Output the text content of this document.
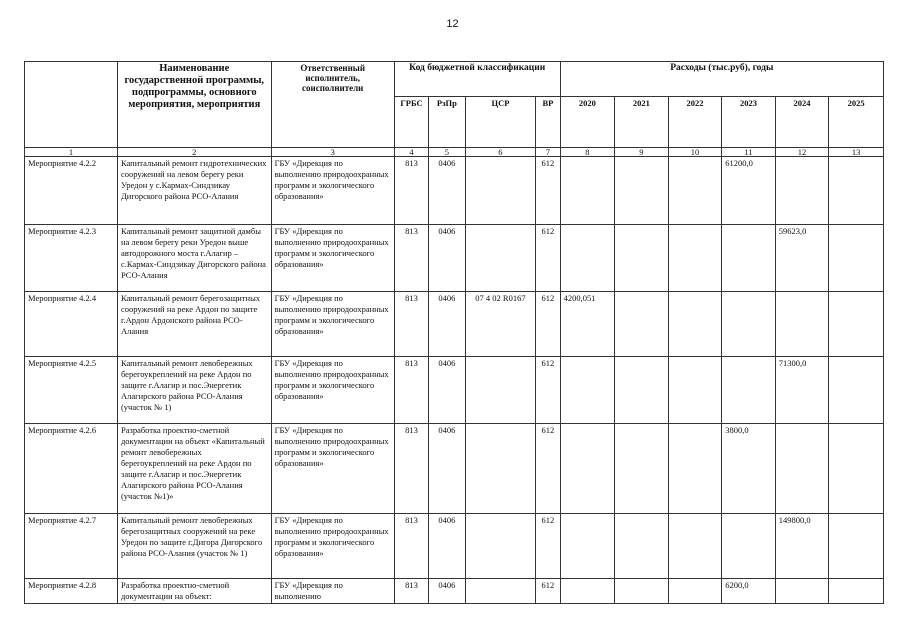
12
	Наименование государственной программы, подпрограммы, основного мероприятия, мероприятия	Ответственный исполнитель, соисполнители	Код бюджетной классификации				Расходы (тыс.руб), годы					
			ГРБС	РзПр	ЦСР	ВР	2020	2021	2022	2023	2024	2025
1	2	3	4	5	6	7	8	9	10	11	12	13
Мероприятие 4.2.2	Капитальный ремонт гидротехнических сооружений на левом берегу реки Уредон у с.Кармах-Синдзикау Дигорского района РСО-Алания	ГБУ «Дирекция по выполнению природоохранных программ и экологического образования»	813	0406		612				61200,0		
Мероприятие 4.2.3	Капитальный ремонт защитной дамбы на левом берегу реки Уредон выше автодорожного моста г.Алагир –с.Кармах-Синдзикау Дигорского района РСО-Алания	ГБУ «Дирекция по выполнению природоохранных программ и экологического образования»	813	0406		612					59623,0	
Мероприятие 4.2.4	Капитальный ремонт берегозащитных сооружений на реке Ардон по защите г.Ардон Ардонского района РСО-Алания	ГБУ «Дирекция по выполнению природоохранных программ и экологического образования»	813	0406	07 4 02 R0167	612	4200,051					
Мероприятие 4.2.5	Капитальный ремонт левобережных берегоукреплений на реке Ардон по защите г.Алагир и пос.Энергетик Алагирского района РСО-Алания (участок № 1)	ГБУ «Дирекция по выполнению природоохранных программ и экологического образования»	813	0406		612					71300,0	
Мероприятие 4.2.6	Разработка проектно-сметной документации на объект «Капитальный ремонт левобережных берегоукреплений на реке Ардон по защите г.Алагир и пос.Энергетик Алагирского района РСО-Алания (участок №1)»	ГБУ «Дирекция по выполнению природоохранных программ и экологического образования»	813	0406		612				3800,0		
Мероприятие 4.2.7	Капитальный ремонт левобережных берегозащитных сооружений на реке Уредон по защите г.Дигора Дигорского района РСО-Алания (участок № 1)	ГБУ «Дирекция по выполнению природоохранных программ и экологического образования»	813	0406		612					149800,0	
Мероприятие 4.2.8	Разработка проектно-сметной документации на объект:	ГБУ «Дирекция по выполнению	813	0406		612				6200,0		
